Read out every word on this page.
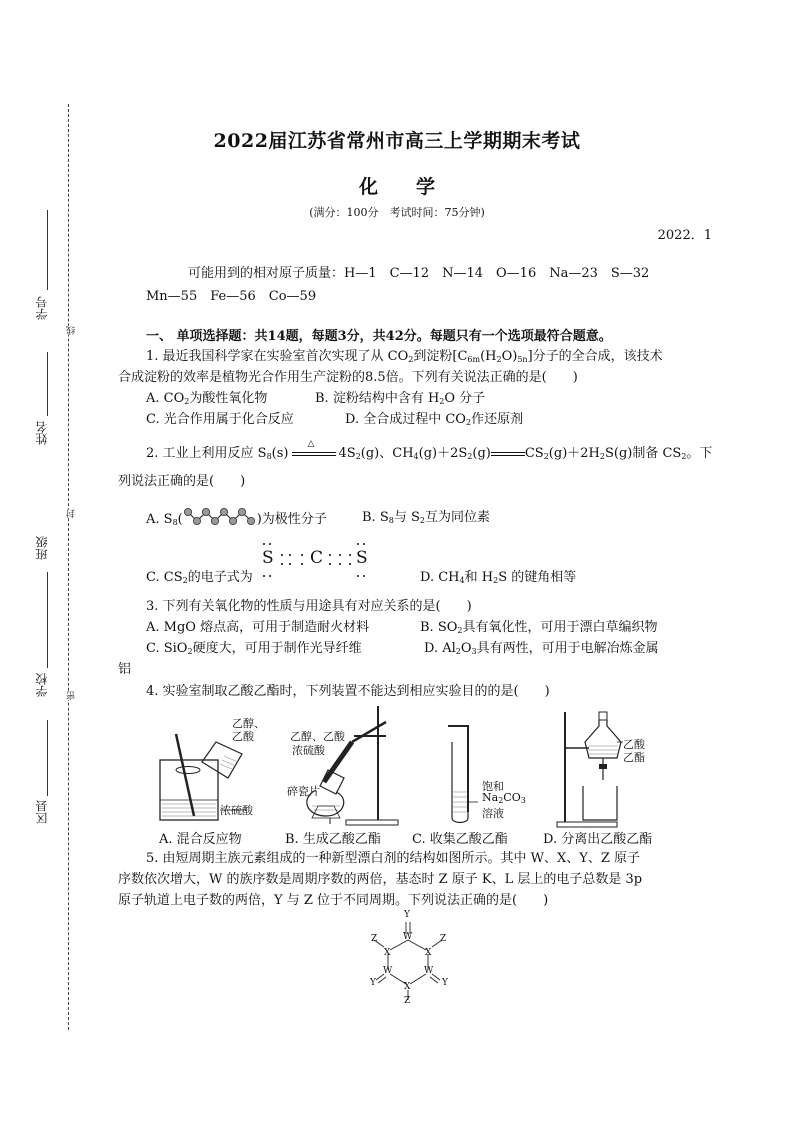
学号
姓名
班级
学校
区县
线
封
密
2022届江苏省常州市高三上学期期末考试
化学
(满分：100分　考试时间：75分钟)
2022．1
可能用到的相对原子质量：H—1　C—12　N—14　O—16　Na—23　S—32
Mn—55　Fe—56　Co—59
一、 单项选择题：共14题，每题3分，共42分。每题只有一个选项最符合题意。
1. 最近我国科学家在实验室首次实现了从 $CO_2$到淀粉$[C_{6m}(H_2O)_{5n}]$分子的全合成，该技术
合成淀粉的效率是植物光合作用生产淀粉的8.5倍。下列有关说法正确的是(　　)
A. $CO_2$为酸性氧化物	B. 淀粉结构中含有 $H_2O$ 分子
C. 光合作用属于化合反应	D. 全合成过程中 $CO_2$作还原剂
2. 工业上利用反应 $S_8(s)$
△
$4S_2(g)$、$CH_4(g)+2S_2(g)$	$CS_2(g)+2H_2S(g)$制备 $CS_2$。下
列说法正确的是(　　)
A. $S_8$(	)为极性分子	B. $S_8$与 $S_2$互为同位素
S C S
C. $CS_2$的电子式为	D. $CH_4$和 $H_2S$ 的键角相等
3. 下列有关氧化物的性质与用途具有对应关系的是(　　)
A. MgO 熔点高，可用于制造耐火材料	B. $SO_2$具有氧化性，可用于漂白草编织物
C. SiO$_2$硬度大，可用于制作光导纤维	D. $Al_2O_3$具有两性，可用于电解冶炼金属
铝
4. 实验室制取乙酸乙酯时，下列装置不能达到相应实验目的的是(　　)
乙醇、
乙酸
浓硫酸
乙醇、乙酸
浓硫酸
碎瓷片	饱和
$Na_2CO_3$
溶液
乙酸
乙酯
A. 混合反应物	B. 生成乙酸乙酯 C. 收集乙酸乙酯	D. 分离出乙酸乙酯
5. 由短周期主族元素组成的一种新型漂白剂的结构如图所示。其中 W、X、Y、Z 原子
序数依次增大，W 的族序数是周期序数的两倍，基态时 Z 原子 K、L 层上的电子总数是 3p
原子轨道上电子数的两倍，Y 与 Z 位于不同周期。下列说法正确的是(　　)
Y
W
Z	Z
X	X
W	W
X
Y	Y
Z
